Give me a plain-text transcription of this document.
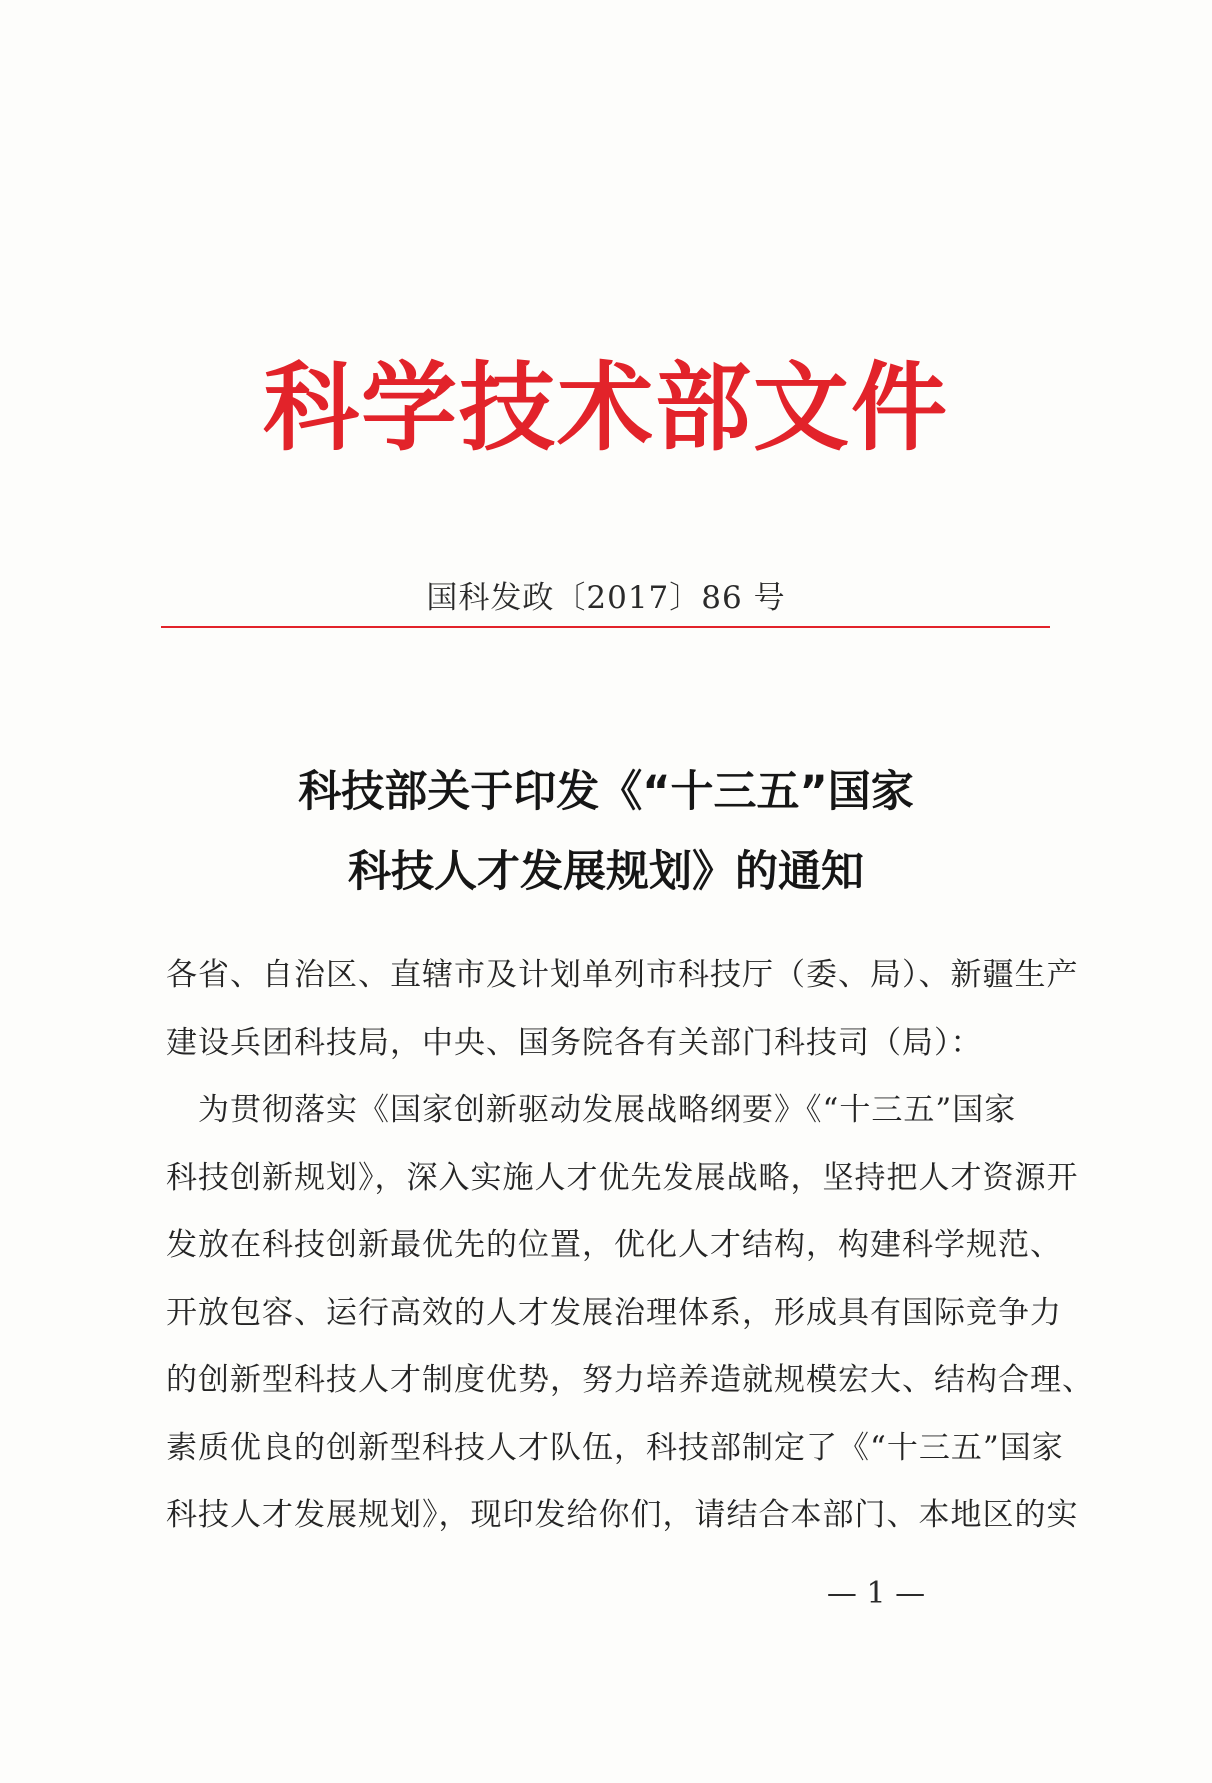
科学技术部文件
国科发政〔2017〕86 号
科技部关于印发《“十三五”国家
科技人才发展规划》的通知
各省、自治区、直辖市及计划单列市科技厅（委、局）、新疆生产
建设兵团科技局，中央、国务院各有关部门科技司（局）：
　为贯彻落实《国家创新驱动发展战略纲要》《“十三五”国家
科技创新规划》，深入实施人才优先发展战略，坚持把人才资源开
发放在科技创新最优先的位置，优化人才结构，构建科学规范、
开放包容、运行高效的人才发展治理体系，形成具有国际竞争力
的创新型科技人才制度优势，努力培养造就规模宏大、结构合理、
素质优良的创新型科技人才队伍，科技部制定了《“十三五”国家
科技人才发展规划》，现印发给你们，请结合本部门、本地区的实
— 1 —
